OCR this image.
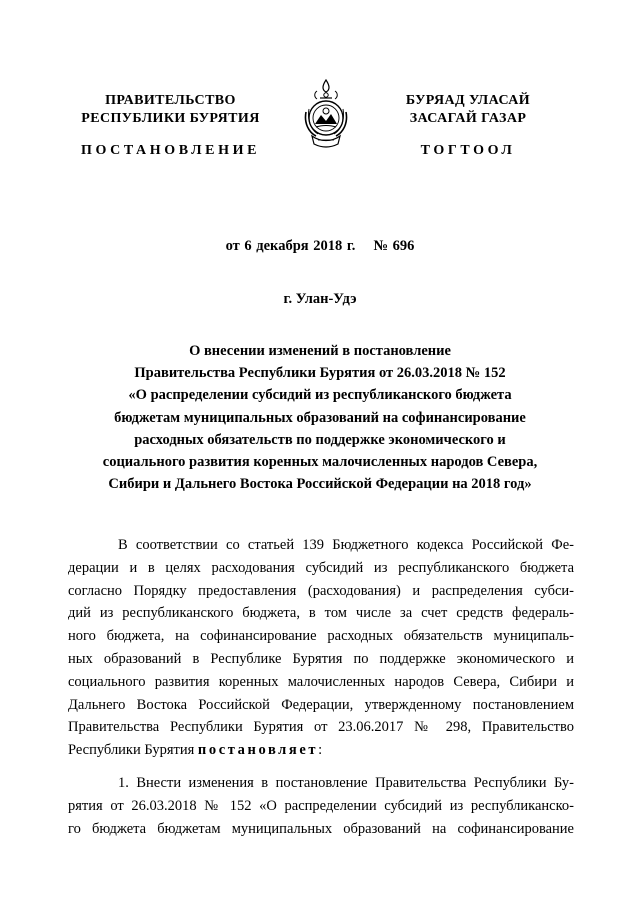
ПРАВИТЕЛЬСТВО
РЕСПУБЛИКИ БУРЯТИЯ
БУРЯАД УЛАСАЙ
ЗАСАГАЙ ГАЗАР
ПОСТАНОВЛЕНИЕ	ТОГТООЛ
от 6 декабря 2018 г. № 696
г. Улан-Удэ
О внесении изменений в постановление
Правительства Республики Бурятия от 26.03.2018 № 152
«О распределении субсидий из республиканского бюджета
бюджетам муниципальных образований на софинансирование
расходных обязательств по поддержке экономического и
социального развития коренных малочисленных народов Севера,
Сибири и Дальнего Востока Российской Федерации на 2018 год»
В соответствии со статьей 139 Бюджетного кодекса Российской Фе-
дерации и в целях расходования субсидий из республиканского бюджета
согласно Порядку предоставления (расходования) и распределения субси-
дий из республиканского бюджета, в том числе за счет средств федераль-
ного бюджета, на софинансирование расходных обязательств муниципаль-
ных образований в Республике Бурятия по поддержке экономического и
социального развития коренных малочисленных народов Севера, Сибири и
Дальнего Востока Российской Федерации, утвержденному постановлением
Правительства Республики Бурятия от 23.06.2017 № 298, Правительство
Республики Бурятия постановляет:
1. Внести изменения в постановление Правительства Республики Бу-
рятия от 26.03.2018 № 152 «О распределении субсидий из республиканско-
го бюджета бюджетам муниципальных образований на софинансирование
